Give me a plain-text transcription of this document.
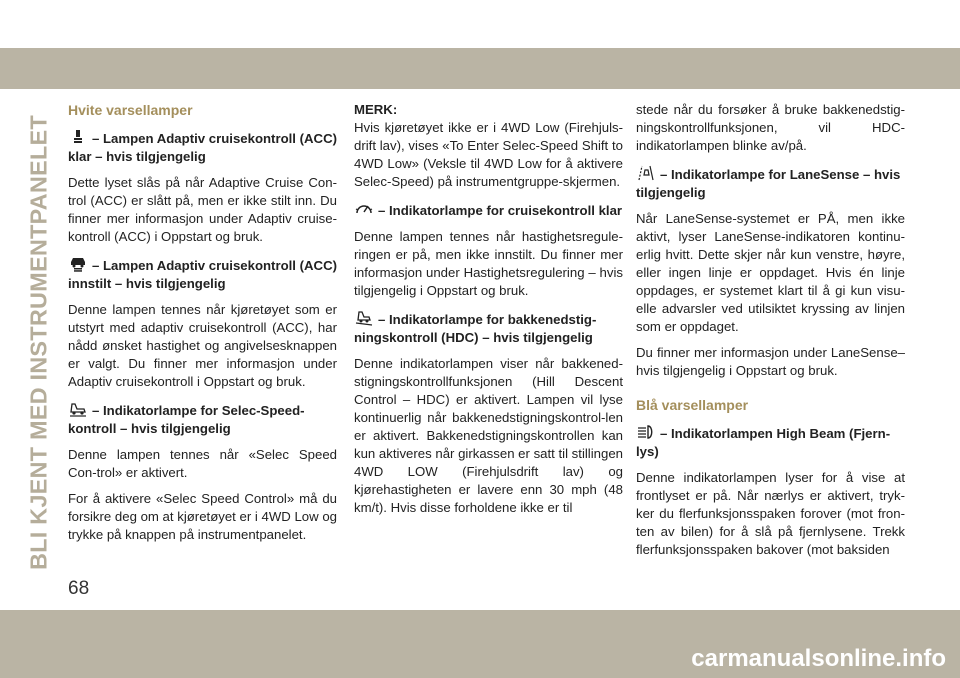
BLI KJENT MED INSTRUMENTPANELET
Hvite varsellamper
– Lampen Adaptiv cruisekontroll (ACC) klar – hvis tilgjengelig

Dette lyset slås på når Adaptive Cruise Con-trol (ACC) er slått på, men er ikke stilt inn. Du finner mer informasjon under Adaptiv cruise-kontroll (ACC) i Oppstart og bruk.

– Lampen Adaptiv cruisekontroll (ACC) innstilt – hvis tilgjengelig

Denne lampen tennes når kjøretøyet som er utstyrt med adaptiv cruisekontroll (ACC), har nådd ønsket hastighet og angivelsesknappen er valgt. Du finner mer informasjon under Adaptiv cruisekontroll i Oppstart og bruk.

– Indikatorlampe for Selec-Speed-kontroll – hvis tilgjengelig

Denne lampen tennes når «Selec Speed Con-trol» er aktivert.

For å aktivere «Selec Speed Control» må du forsikre deg om at kjøretøyet er i 4WD Low og trykke på knappen på instrumentpanelet.

MERK:

Hvis kjøretøyet ikke er i 4WD Low (Firehjuls-drift lav), vises «To Enter Selec-Speed Shift to 4WD Low» (Veksle til 4WD Low for å aktivere Selec-Speed) på instrumentgruppe-skjermen.

– Indikatorlampe for cruisekontroll klar

Denne lampen tennes når hastighetsregule-ringen er på, men ikke innstilt. Du finner mer informasjon under Hastighetsregulering – hvis tilgjengelig i Oppstart og bruk.

– Indikatorlampe for bakkenedstig-ningskontroll (HDC) – hvis tilgjengelig

Denne indikatorlampen viser når bakkened-stigningskontrollfunksjonen (Hill Descent Control – HDC) er aktivert. Lampen vil lyse kontinuerlig når bakkenedstigningskontrol-len er aktivert. Bakkenedstigningskontrollen kan kun aktiveres når girkassen er satt til stillingen 4WD LOW (Firehjulsdrift lav) og kjørehastigheten er lavere enn 30 mph (48 km/t). Hvis disse forholdene ikke er til

stede når du forsøker å bruke bakkenedstig-ningskontrollfunksjonen, vil HDC-indikatorlampen blinke av/på.

– Indikatorlampe for LaneSense – hvis tilgjengelig

Når LaneSense-systemet er PÅ, men ikke aktivt, lyser LaneSense-indikatoren kontinu-erlig hvitt. Dette skjer når kun venstre, høyre, eller ingen linje er oppdaget. Hvis én linje oppdages, er systemet klart til å gi kun visu-elle advarsler ved utilsiktet kryssing av linjen som er oppdaget.

Du finner mer informasjon under LaneSense– hvis tilgjengelig i Oppstart og bruk.

Blå varsellamper
– Indikatorlampen High Beam (Fjern-lys)

Denne indikatorlampen lyser for å vise at frontlyset er på. Når nærlys er aktivert, tryk-ker du flerfunksjonsspaken forover (mot fron-ten av bilen) for å slå på fjernlysene. Trekk flerfunksjonsspaken bakover (mot baksiden

68
carmanualsonline.info
